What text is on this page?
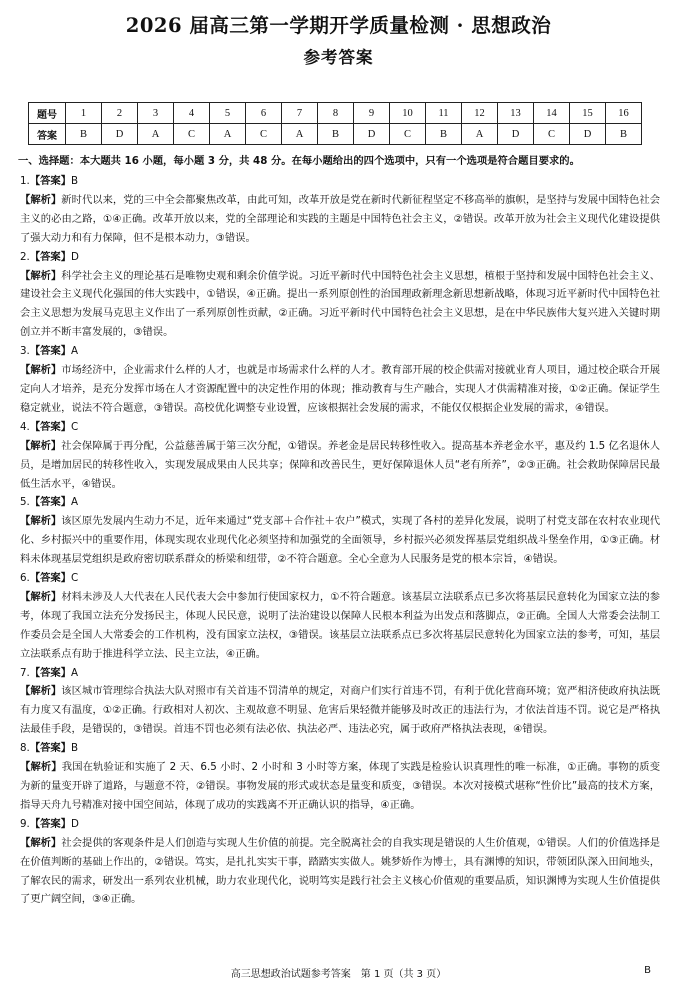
2026 届高三第一学期开学质量检测 · 思想政治
参考答案
题号	1	2	3	4	5	6	7	8	9	10	11	12	13	14	15	16
答案	B	D	A	C	A	C	A	B	D	C	B	A	D	C	D	B
一、选择题：本大题共 16 小题，每小题 3 分，共 48 分。在每小题给出的四个选项中，只有一个选项是符合题目要求的。
1.【答案】B
【解析】新时代以来，党的三中全会都聚焦改革，由此可知，改革开放是党在新时代新征程坚定不移高举的旗帜，是坚持与发展中国特色社会主义的必由之路，①④正确。改革开放以来，党的全部理论和实践的主题是中国特色社会主义，②错误。改革开放为社会主义现代化建设提供了强大动力和有力保障，但不是根本动力，③错误。
2.【答案】D
【解析】科学社会主义的理论基石是唯物史观和剩余价值学说。习近平新时代中国特色社会主义思想，植根于坚持和发展中国特色社会主义、建设社会主义现代化强国的伟大实践中，①错误，④正确。提出一系列原创性的治国理政新理念新思想新战略，体现习近平新时代中国特色社会主义思想为发展马克思主义作出了一系列原创性贡献，②正确。习近平新时代中国特色社会主义思想，是在中华民族伟大复兴进入关键时期创立并不断丰富发展的，③错误。
3.【答案】A
【解析】市场经济中，企业需求什么样的人才，也就是市场需求什么样的人才。教育部开展的校企供需对接就业育人项目，通过校企联合开展定向人才培养，是充分发挥市场在人才资源配置中的决定性作用的体现；推动教育与生产融合，实现人才供需精准对接，①②正确。保证学生稳定就业，说法不符合题意，③错误。高校优化调整专业设置，应该根据社会发展的需求，不能仅仅根据企业发展的需求，④错误。
4.【答案】C
【解析】社会保障属于再分配，公益慈善属于第三次分配，①错误。养老金是居民转移性收入。提高基本养老金水平，惠及约 1.5 亿名退休人员，是增加居民的转移性收入，实现发展成果由人民共享；保障和改善民生，更好保障退休人员“老有所养”，②③正确。社会救助保障居民最低生活水平，④错误。
5.【答案】A
【解析】该区原先发展内生动力不足，近年来通过“党支部＋合作社＋农户”模式，实现了各村的差异化发展，说明了村党支部在农村农业现代化、乡村振兴中的重要作用，体现实现农业现代化必须坚持和加强党的全面领导，乡村振兴必须发挥基层党组织战斗堡垒作用，①③正确。材料未体现基层党组织是政府密切联系群众的桥梁和纽带，②不符合题意。全心全意为人民服务是党的根本宗旨，④错误。
6.【答案】C
【解析】材料未涉及人大代表在人民代表大会中参加行使国家权力，①不符合题意。该基层立法联系点已多次将基层民意转化为国家立法的参考，体现了我国立法充分发扬民主，体现人民民意，说明了法治建设以保障人民根本利益为出发点和落脚点，②正确。全国人大常委会法制工作委员会是全国人大常委会的工作机构，没有国家立法权，③错误。该基层立法联系点已多次将基层民意转化为国家立法的参考，可知，基层立法联系点有助于推进科学立法、民主立法，④正确。
7.【答案】A
【解析】该区城市管理综合执法大队对照市有关首违不罚清单的规定，对商户们实行首违不罚，有利于优化营商环境；宽严相济使政府执法既有力度又有温度，①②正确。行政相对人初次、主观故意不明显、危害后果轻微并能够及时改正的违法行为，才依法首违不罚。说它是严格执法最佳手段，是错误的，③错误。首违不罚也必须有法必依、执法必严、违法必究，属于政府严格执法表现，④错误。
8.【答案】B
【解析】我国在轨验证和实施了 2 天、6.5 小时、2 小时和 3 小时等方案，体现了实践是检验认识真理性的唯一标准，①正确。事物的质变为新的量变开辟了道路，与题意不符，②错误。事物发展的形式或状态是量变和质变，③错误。本次对接模式堪称“性价比”最高的技术方案，指导天舟九号精准对接中国空间站，体现了成功的实践离不开正确认识的指导，④正确。
9.【答案】D
【解析】社会提供的客观条件是人们创造与实现人生价值的前提。完全脱离社会的自我实现是错误的人生价值观，①错误。人们的价值选择是在价值判断的基础上作出的，②错误。笃实，是扎扎实实干事，踏踏实实做人。姚梦娇作为博士，具有渊博的知识，带领团队深入田间地头，了解农民的需求，研发出一系列农业机械，助力农业现代化，说明笃实是践行社会主义核心价值观的重要品质，知识渊博为实现人生价值提供了更广阔空间，③④正确。
高三思想政治试题参考答案　第 1 页（共 3 页）	B
